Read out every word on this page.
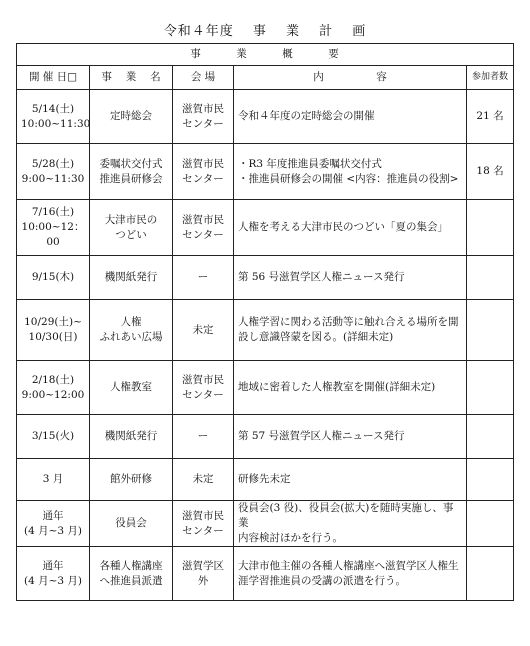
令和４年度　 事　 業　 計　 画
事　　　業　　　概　　　要				
開 催 日□	事　 業　 名	会 場	内　　　　　容	参加者数

5/14(土)
10:00~11:30	定時総会	滋賀市民
センター	令和４年度の定時総会の開催	21 名

5/28(土)
9:00~11:30	委嘱状交付式
推進員研修会	滋賀市民
センター	・R3 年度推進員委嘱状交付式
・推進員研修会の開催 <内容：推進員の役割>	18 名

7/16(土)
10:00~12：
00	大津市民の
つどい	滋賀市民
センター	人権を考える大津市民のつどい「夏の集会」	

9/15(木)	機関紙発行	ー	第 56 号滋賀学区人権ニュース発行	

10/29(土)~
10/30(日)	人権
ふれあい広場	未定	人権学習に関わる活動等に触れ合える場所を開
設し意識啓蒙を図る。(詳細未定)	

2/18(土)
9:00~12:00	人権教室	滋賀市民
センター	地域に密着した人権教室を開催(詳細未定)	

3/15(火)	機関紙発行	ー	第 57 号滋賀学区人権ニュース発行	

3 月	館外研修	未定	研修先未定	

通年
(4 月~3 月)	役員会	滋賀市民
センター	役員会(3 役)、役員会(拡大)を随時実施し、事業
内容検討ほかを行う。	

通年
(4 月~3 月)	各種人権講座
へ推進員派遣	滋賀学区
外	大津市他主催の各種人権講座へ滋賀学区人権生
涯学習推進員の受講の派遣を行う。	
